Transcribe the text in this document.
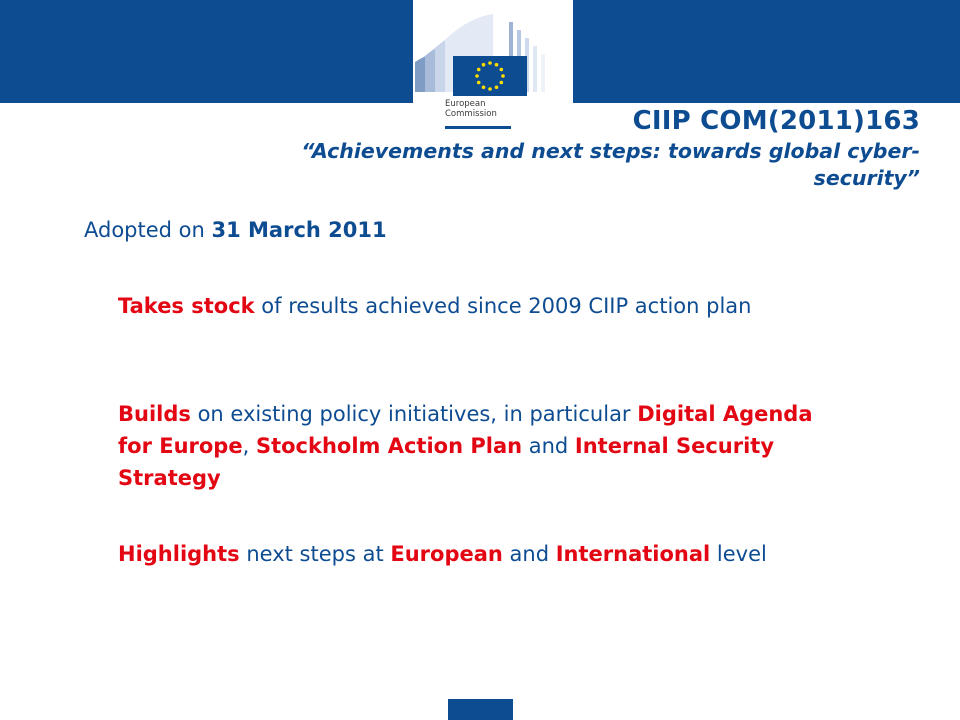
European
Commission	CIIP COM(2011)163
“Achievements and next steps: towards global cyber-
security”
Adopted on 31 March 2011
Takes stock of results achieved since 2009 CIIP action plan
Builds on existing policy initiatives, in particular Digital Agenda for Europe, Stockholm Action Plan and Internal Security Strategy
Highlights next steps at European and International level
